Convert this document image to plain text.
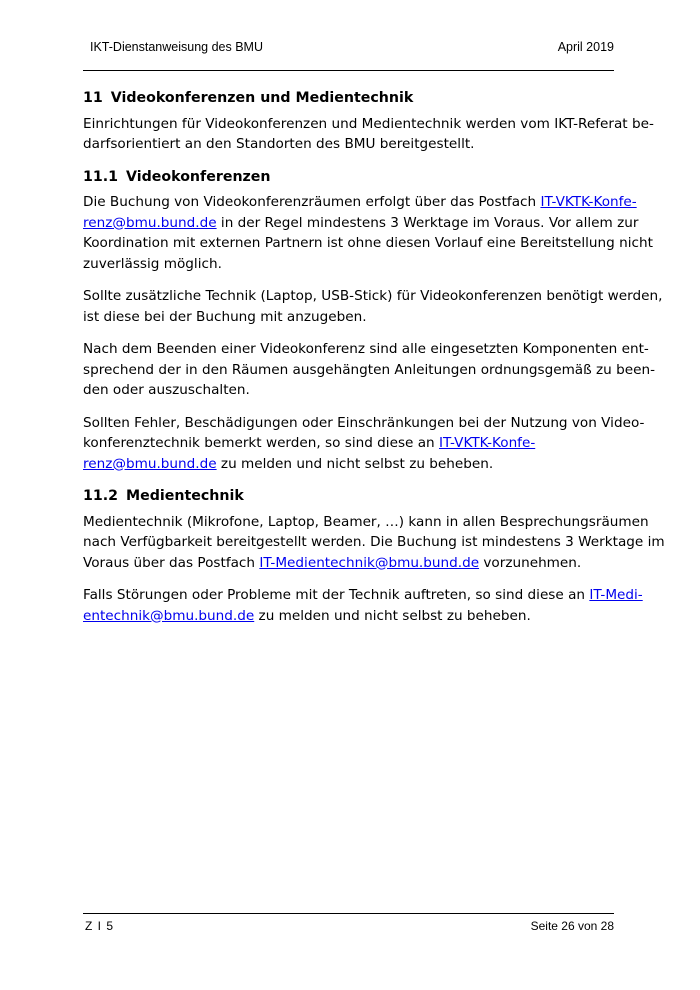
IKT-Dienstanweisung des BMU	April 2019
11 Videokonferenzen und Medientechnik

Einrichtungen für Videokonferenzen und Medientechnik werden vom IKT-Referat be-
darfsorientiert an den Standorten des BMU bereitgestellt.

11.1 Videokonferenzen

Die Buchung von Videokonferenzräumen erfolgt über das Postfach IT-VKTK-Konfe-
renz@bmu.bund.de in der Regel mindestens 3 Werktage im Voraus. Vor allem zur
Koordination mit externen Partnern ist ohne diesen Vorlauf eine Bereitstellung nicht
zuverlässig möglich.

Sollte zusätzliche Technik (Laptop, USB-Stick) für Videokonferenzen benötigt werden,
ist diese bei der Buchung mit anzugeben.

Nach dem Beenden einer Videokonferenz sind alle eingesetzten Komponenten ent-
sprechend der in den Räumen ausgehängten Anleitungen ordnungsgemäß zu been-
den oder auszuschalten.

Sollten Fehler, Beschädigungen oder Einschränkungen bei der Nutzung von Video-
konferenztechnik bemerkt werden, so sind diese an IT-VKTK-Konfe-
renz@bmu.bund.de zu melden und nicht selbst zu beheben.

11.2 Medientechnik

Medientechnik (Mikrofone, Laptop, Beamer, …) kann in allen Besprechungsräumen
nach Verfügbarkeit bereitgestellt werden. Die Buchung ist mindestens 3 Werktage im
Voraus über das Postfach IT-Medientechnik@bmu.bund.de vorzunehmen.

Falls Störungen oder Probleme mit der Technik auftreten, so sind diese an IT-Medi-
entechnik@bmu.bund.de zu melden und nicht selbst zu beheben.

Z I 5	Seite 26 von 28
